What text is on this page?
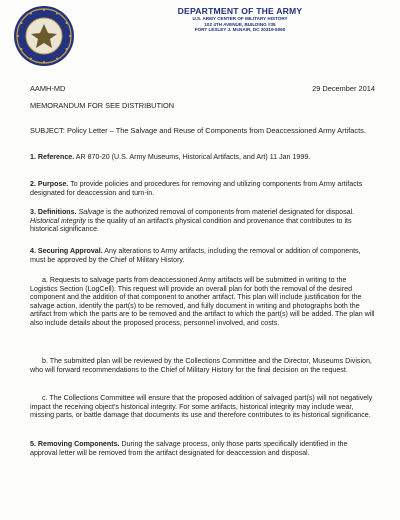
DEPARTMENT OF THE ARMY
U.S. ARMY CENTER OF MILITARY HISTORY
102 4TH AVENUE, BUILDING #35
FORT LESLEY J. McNAIR, DC 20319-5060
AAMH-MD	29 December 2014
MEMORANDUM FOR SEE DISTRIBUTION
SUBJECT: Policy Letter – The Salvage and Reuse of Components from Deaccessioned Army Artifacts.
1. Reference. AR 870-20 (U.S. Army Museums, Historical Artifacts, and Art) 11 Jan 1999.
2. Purpose. To provide policies and procedures for removing and utilizing components from Army artifacts designated for deaccession and turn-in.
3. Definitions. Salvage is the authorized removal of components from materiel designated for disposal. Historical integrity is the quality of an artifact's physical condition and provenance that contributes to its historical significance.
4. Securing Approval. Any alterations to Army artifacts, including the removal or addition of components, must be approved by the Chief of Military History.
a. Requests to salvage parts from deaccessioned Army artifacts will be submitted in writing to the Logistics Section (LogCell). This request will provide an overall plan for both the removal of the desired component and the addition of that component to another artifact. This plan will include justification for the salvage action, identify the part(s) to be removed, and fully document in writing and photographs both the artifact from which the parts are to be removed and the artifact to which the part(s) will be added. The plan will also include details about the proposed process, personnel involved, and costs.
b. The submitted plan will be reviewed by the Collections Committee and the Director, Museums Division, who will forward recommendations to the Chief of Military History for the final decision on the request.
c. The Collections Committee will ensure that the proposed addition of salvaged part(s) will not negatively impact the receiving object's historical integrity. For some artifacts, historical integrity may include wear, missing parts, or battle damage that documents its use and therefore contributes to its historical significance.
5. Removing Components. During the salvage process, only those parts specifically identified in the approval letter will be removed from the artifact designated for deaccession and disposal.
